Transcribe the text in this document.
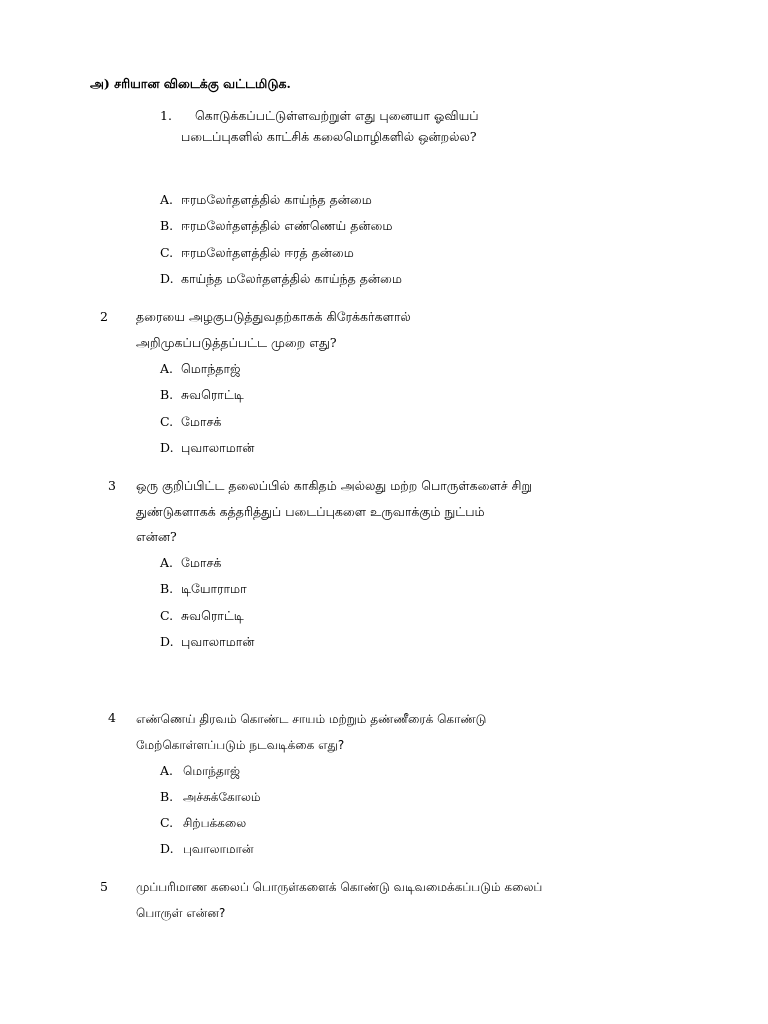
அ) சரியான விடைக்கு வட்டமிடுக.
1. கொடுக்கப்பட்டுள்ளவற்றுள் எது புனையா ஓவியப்
படைப்புகளில் காட்சிக் கலைமொழிகளில் ஒன்றல்ல?
A. ஈரமலேர்தளத்தில் காய்ந்த தன்மை
B. ஈரமலேர்தளத்தில் எண்ணெய் தன்மை
C. ஈரமலேர்தளத்தில் ஈரத் தன்மை
D. காய்ந்த மலேர்தளத்தில் காய்ந்த தன்மை
2 தரையை அழகுபடுத்துவதற்காகக் கிரேக்கர்களால்
அறிமுகப்படுத்தப்பட்ட முறை எது?
A. மொந்தாஜ்
B. சுவரொட்டி
C. மோசக்
D. புவாலாமான்
3 ஒரு குறிப்பிட்ட தலைப்பில் காகிதம் அல்லது மற்ற பொருள்களைச் சிறு
துண்டுகளாகக் கத்தரித்துப் படைப்புகளை உருவாக்கும் நுட்பம்
என்ன?
A. மோசக்
B. டியோராமா
C. சுவரொட்டி
D. புவாலாமான்
4 எண்ணெய் திரவம் கொண்ட சாயம் மற்றும் தண்ணீரைக் கொண்டு
மேற்கொள்ளப்படும் நடவடிக்கை எது?
A. மொந்தாஜ்
B. அச்சுக்கோலம்
C. சிற்பக்கலை
D. புவாலாமான்
5 முப்பரிமாண கலைப் பொருள்களைக் கொண்டு வடிவமைக்கப்படும் கலைப்
பொருள் என்ன?
